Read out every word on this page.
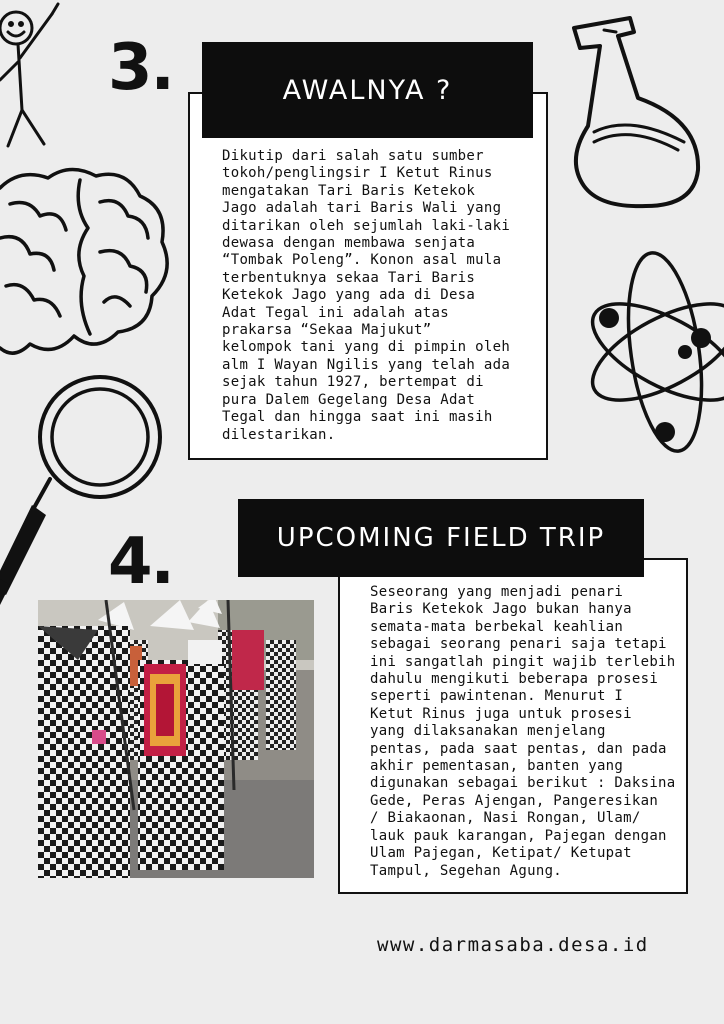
3.

Dikutip dari salah satu sumber
tokoh/penglingsir I Ketut Rinus
mengatakan Tari Baris Ketekok
Jago adalah tari Baris Wali yang
ditarikan oleh sejumlah laki-laki
dewasa dengan membawa senjata
“Tombak Poleng”. Konon asal mula
terbentuknya sekaa Tari Baris
Ketekok Jago yang ada di Desa
Adat Tegal ini adalah atas
prakarsa “Sekaa Majukut”
kelompok tani yang di pimpin oleh
alm I Wayan Ngilis yang telah ada
sejak tahun 1927, bertempat di
pura Dalem Gegelang Desa Adat
Tegal dan hingga saat ini masih
dilestarikan.

AWALNYA ?
4.	Seseorang yang menjadi penari
Baris Ketekok Jago bukan hanya
semata-mata berbekal keahlian
sebagai seorang penari saja tetapi
ini sangatlah pingit wajib terlebih
dahulu mengikuti beberapa prosesi
seperti pawintenan. Menurut I
Ketut Rinus juga untuk prosesi
yang dilaksanakan menjelang
pentas, pada saat pentas, dan pada
akhir pementasan, banten yang
digunakan sebagai berikut : Daksina
Gede, Peras Ajengan, Pangeresikan
/ Biakaonan, Nasi Rongan, Ulam/
lauk pauk karangan, Pajegan dengan
Ulam Pajegan, Ketipat/ Ketupat
Tampul, Segehan Agung.

UPCOMING FIELD TRIP
www.darmasaba.desa.id
